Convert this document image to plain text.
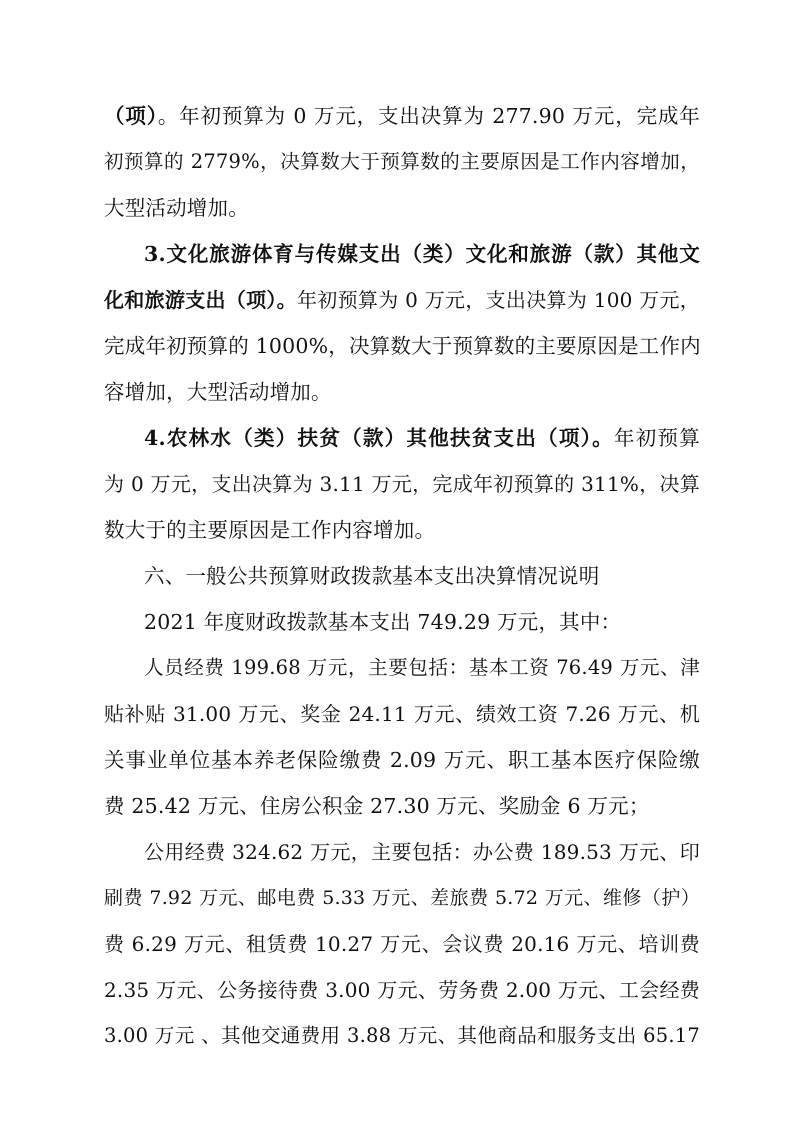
（项）。年初预算为 0 万元，支出决算为 277.90 万元，完成年
初预算的 2779%，决算数大于预算数的主要原因是工作内容增加，
大型活动增加。
3.文化旅游体育与传媒支出（类）文化和旅游（款）其他文
化和旅游支出（项）。年初预算为 0 万元，支出决算为 100 万元，
完成年初预算的 1000%，决算数大于预算数的主要原因是工作内
容增加，大型活动增加。
4.农林水（类）扶贫（款）其他扶贫支出（项）。年初预算
为 0 万元，支出决算为 3.11 万元，完成年初预算的 311%，决算
数大于的主要原因是工作内容增加。
六、一般公共预算财政拨款基本支出决算情况说明
2021 年度财政拨款基本支出 749.29 万元，其中：
人员经费 199.68 万元，主要包括：基本工资 76.49 万元、津
贴补贴 31.00 万元、奖金 24.11 万元、绩效工资 7.26 万元、机
关事业单位基本养老保险缴费 2.09 万元、职工基本医疗保险缴
费 25.42 万元、住房公积金 27.30 万元、奖励金 6 万元；
公用经费 324.62 万元，主要包括：办公费 189.53 万元、印
刷费 7.92 万元、邮电费 5.33 万元、差旅费 5.72 万元、维修（护）
费 6.29 万元、租赁费 10.27 万元、会议费 20.16 万元、培训费
2.35 万元、公务接待费 3.00 万元、劳务费 2.00 万元、工会经费
3.00 万元 、其他交通费用 3.88 万元、其他商品和服务支出 65.17
